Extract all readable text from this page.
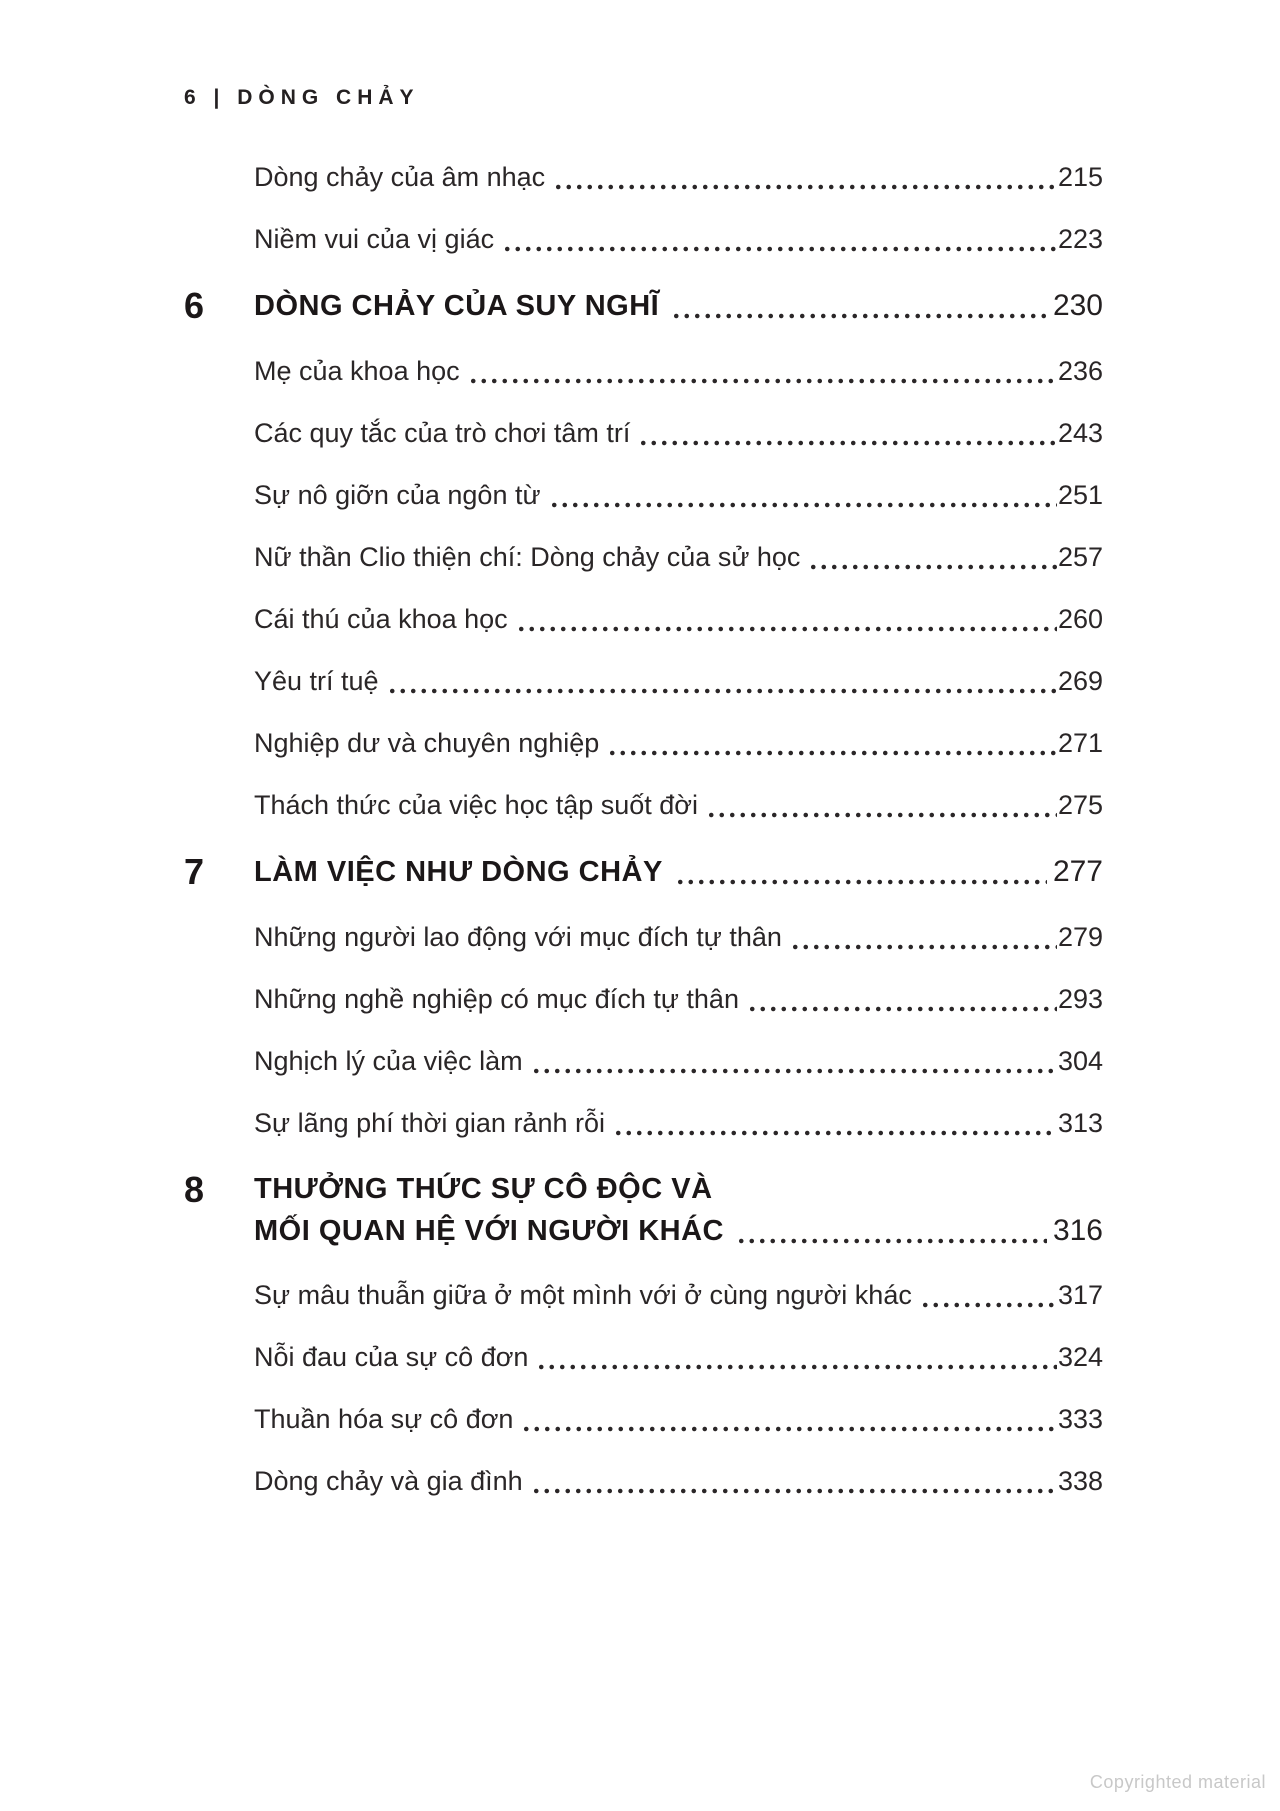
6 | DÒNG CHẢY
Dòng chảy của âm nhạc	215
Niềm vui của vị giác	223
6	DÒNG CHẢY CỦA SUY NGHĨ	230
Mẹ của khoa học	236
Các quy tắc của trò chơi tâm trí	243
Sự nô giỡn của ngôn từ	251
Nữ thần Clio thiện chí: Dòng chảy của sử học	257
Cái thú của khoa học	260
Yêu trí tuệ	269
Nghiệp dư và chuyên nghiệp	271
Thách thức của việc học tập suốt đời	275
7	LÀM VIỆC NHƯ DÒNG CHẢY	277
Những người lao động với mục đích tự thân	279
Những nghề nghiệp có mục đích tự thân	293
Nghịch lý của việc làm	304
Sự lãng phí thời gian rảnh rỗi	313
8	THƯỞNG THỨC SỰ CÔ ĐỘC VÀ
MỐI QUAN HỆ VỚI NGƯỜI KHÁC	316
Sự mâu thuẫn giữa ở một mình với ở cùng người khác	317
Nỗi đau của sự cô đơn	324
Thuần hóa sự cô đơn	333
Dòng chảy và gia đình	338
Copyrighted material
